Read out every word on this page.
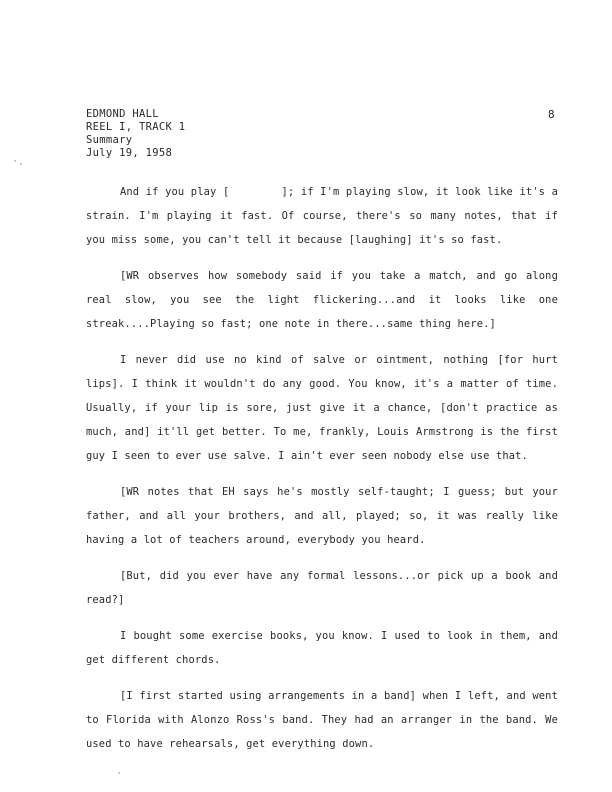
EDMOND HALL
REEL I, TRACK 1
Summary
July 19, 1958
8

And if you play [        ]; if I'm playing slow, it look like it's a strain. I'm playing it fast. Of course, there's so many notes, that if you miss some, you can't tell it because [laughing] it's so fast.

[WR observes how somebody said if you take a match, and go along real slow, you see the light flickering...and it looks like one streak....Playing so fast; one note in there...same thing here.]

I never did use no kind of salve or ointment, nothing [for hurt lips]. I think it wouldn't do any good. You know, it's a matter of time. Usually, if your lip is sore, just give it a chance, [don't practice as much, and] it'll get better. To me, frankly, Louis Armstrong is the first guy I seen to ever use salve. I ain't ever seen nobody else use that.

[WR notes that EH says he's mostly self-taught; I guess; but your father, and all your brothers, and all, played; so, it was really like having a lot of teachers around, everybody you heard.

[But, did you ever have any formal lessons...or pick up a book and read?]

I bought some exercise books, you know. I used to look in them, and get different chords.

[I first started using arrangements in a band] when I left, and went to Florida with Alonzo Ross's band. They had an arranger in the band. We used to have rehearsals, get everything down.
